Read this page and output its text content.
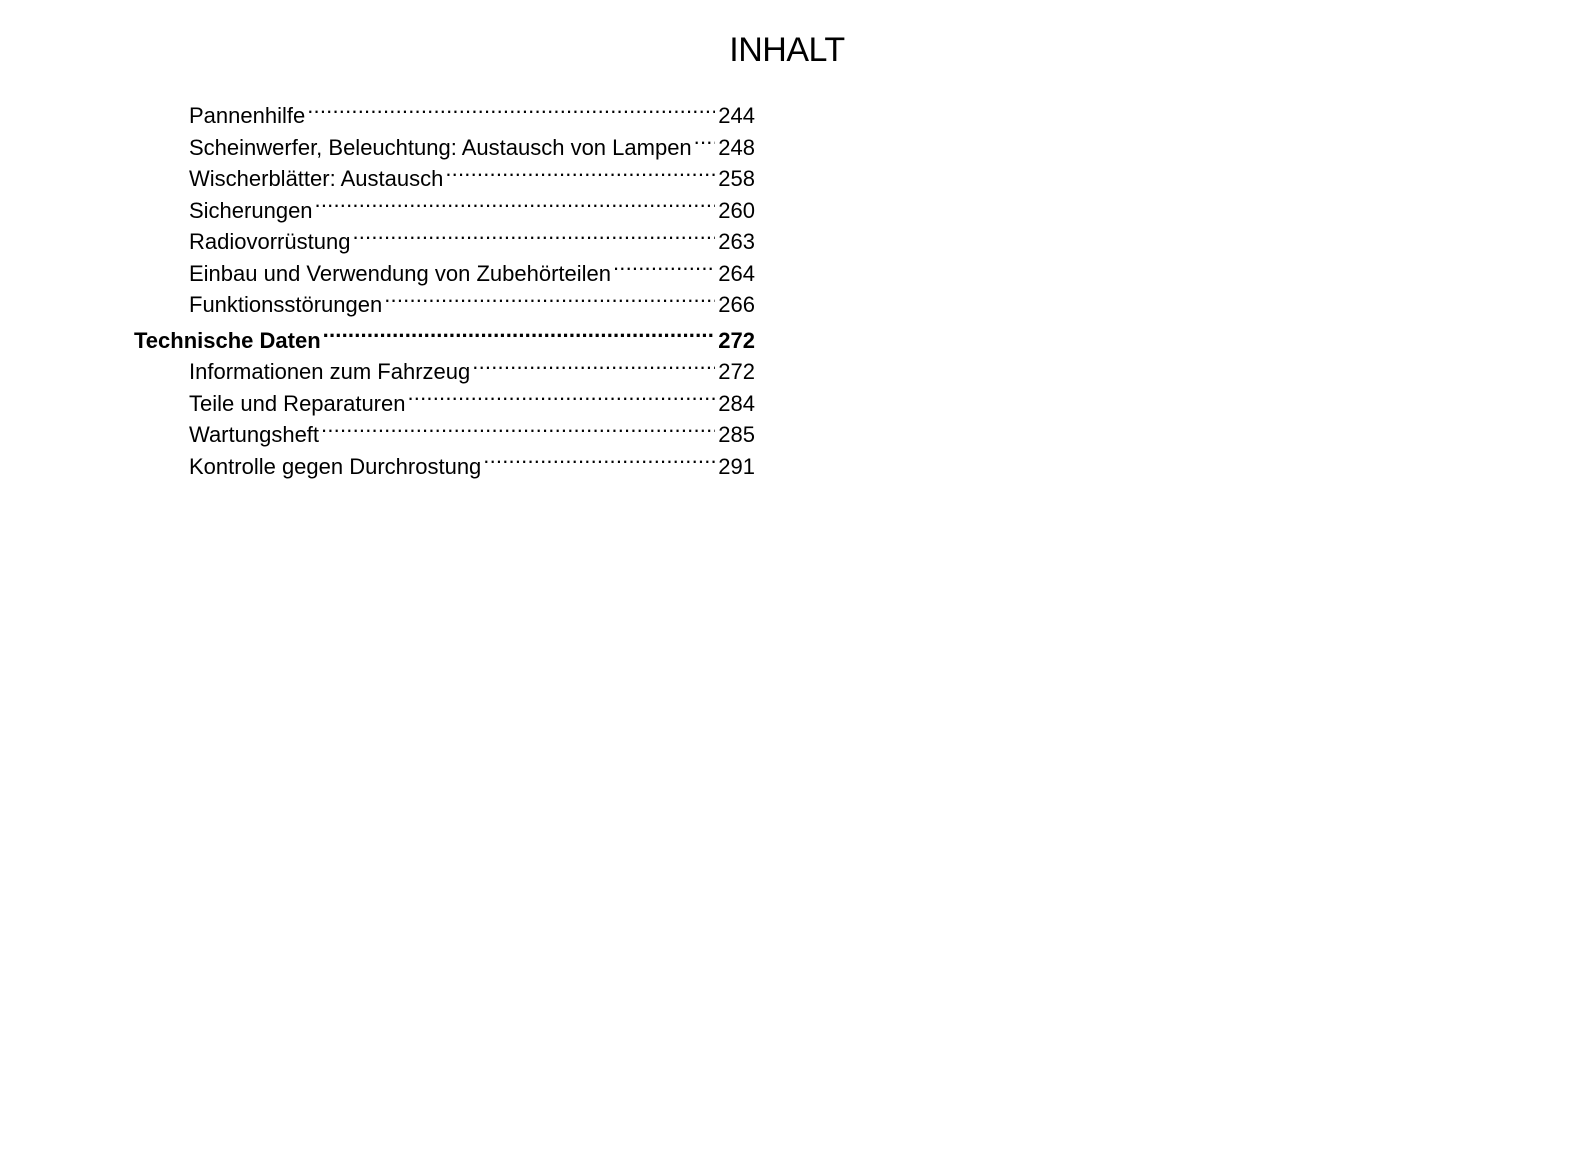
INHALT
Pannenhilfe .....	244
Scheinwerfer, Beleuchtung: Austausch von Lampen ..... 248
Wischerblätter: Austausch .....	258
Sicherungen .....	260
Radiovorrüstung .....	263
Einbau und Verwendung von Zubehörteilen .....	264
Funktionsstörungen .....	266
Technische Daten .....	272
Informationen zum Fahrzeug .....	272
Teile und Reparaturen .....	284
Wartungsheft .....	285
Kontrolle gegen Durchrostung .....	291
